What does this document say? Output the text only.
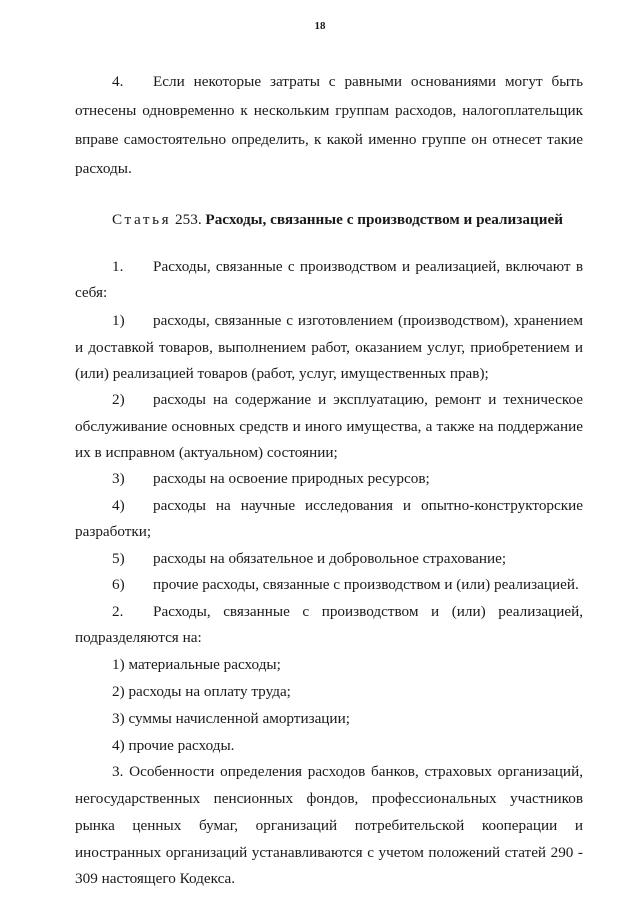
18
4. Если некоторые затраты с равными основаниями могут быть
отнесены одновременно к нескольким группам расходов, налогоплательщик
вправе самостоятельно определить, к какой именно группе он отнесет такие
расходы.
Статья 253. Расходы, связанные с производством и реализацией
1. Расходы, связанные с производством и реализацией, включают в
себя:
1) расходы, связанные с изготовлением (производством), хранением
и доставкой товаров, выполнением работ, оказанием услуг, приобретением и
(или) реализацией товаров (работ, услуг, имущественных прав);
2) расходы на содержание и эксплуатацию, ремонт и техническое
обслуживание основных средств и иного имущества, а также на поддержание
их в исправном (актуальном) состоянии;
3) расходы на освоение природных ресурсов;
4) расходы на научные исследования и опытно-конструкторские
разработки;
5) расходы на обязательное и добровольное страхование;
6) прочие расходы, связанные с производством и (или) реализацией.
2. Расходы, связанные с производством и (или) реализацией,
подразделяются на:
1) материальные расходы;
2) расходы на оплату труда;
3) суммы начисленной амортизации;
4) прочие расходы.
3. Особенности определения расходов банков, страховых организаций,
негосударственных пенсионных фондов, профессиональных участников
рынка ценных бумаг, организаций потребительской кооперации и
иностранных организаций устанавливаются с учетом положений статей 290 -
309 настоящего Кодекса.
